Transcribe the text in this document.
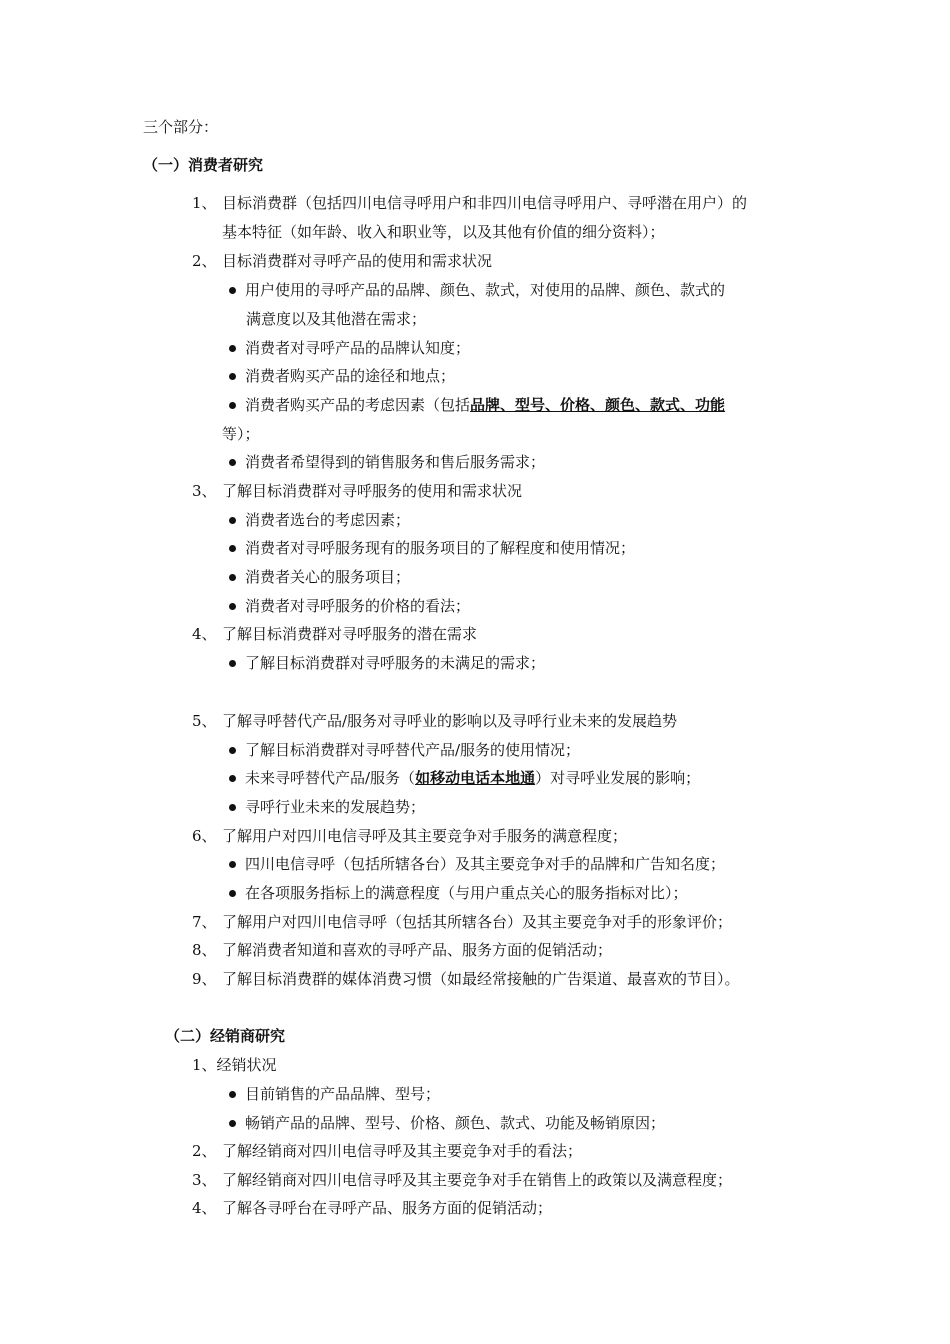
三个部分：
（一）消费者研究
1、 目标消费群（包括四川电信寻呼用户和非四川电信寻呼用户、寻呼潜在用户）的
基本特征（如年龄、收入和职业等，以及其他有价值的细分资料）；
2、 目标消费群对寻呼产品的使用和需求状况
用户使用的寻呼产品的品牌、颜色、款式，对使用的品牌、颜色、款式的
满意度以及其他潜在需求；
消费者对寻呼产品的品牌认知度；
消费者购买产品的途径和地点；
消费者购买产品的考虑因素（包括品牌、型号、价格、颜色、款式、功能
等）；
消费者希望得到的销售服务和售后服务需求；
3、 了解目标消费群对寻呼服务的使用和需求状况
消费者选台的考虑因素；
消费者对寻呼服务现有的服务项目的了解程度和使用情况；
消费者关心的服务项目；
消费者对寻呼服务的价格的看法；
4、 了解目标消费群对寻呼服务的潜在需求
了解目标消费群对寻呼服务的未满足的需求；
5、 了解寻呼替代产品/服务对寻呼业的影响以及寻呼行业未来的发展趋势
了解目标消费群对寻呼替代产品/服务的使用情况；
未来寻呼替代产品/服务（如移动电话本地通）对寻呼业发展的影响；
寻呼行业未来的发展趋势；
6、 了解用户对四川电信寻呼及其主要竞争对手服务的满意程度；
四川电信寻呼（包括所辖各台）及其主要竞争对手的品牌和广告知名度；
在各项服务指标上的满意程度（与用户重点关心的服务指标对比）；
7、 了解用户对四川电信寻呼（包括其所辖各台）及其主要竞争对手的形象评价；
8、 了解消费者知道和喜欢的寻呼产品、服务方面的促销活动；
9、 了解目标消费群的媒体消费习惯（如最经常接触的广告渠道、最喜欢的节目）。
（二）经销商研究
1、经销状况
目前销售的产品品牌、型号；
畅销产品的品牌、型号、价格、颜色、款式、功能及畅销原因；
2、 了解经销商对四川电信寻呼及其主要竞争对手的看法；
3、 了解经销商对四川电信寻呼及其主要竞争对手在销售上的政策以及满意程度；
4、 了解各寻呼台在寻呼产品、服务方面的促销活动；
